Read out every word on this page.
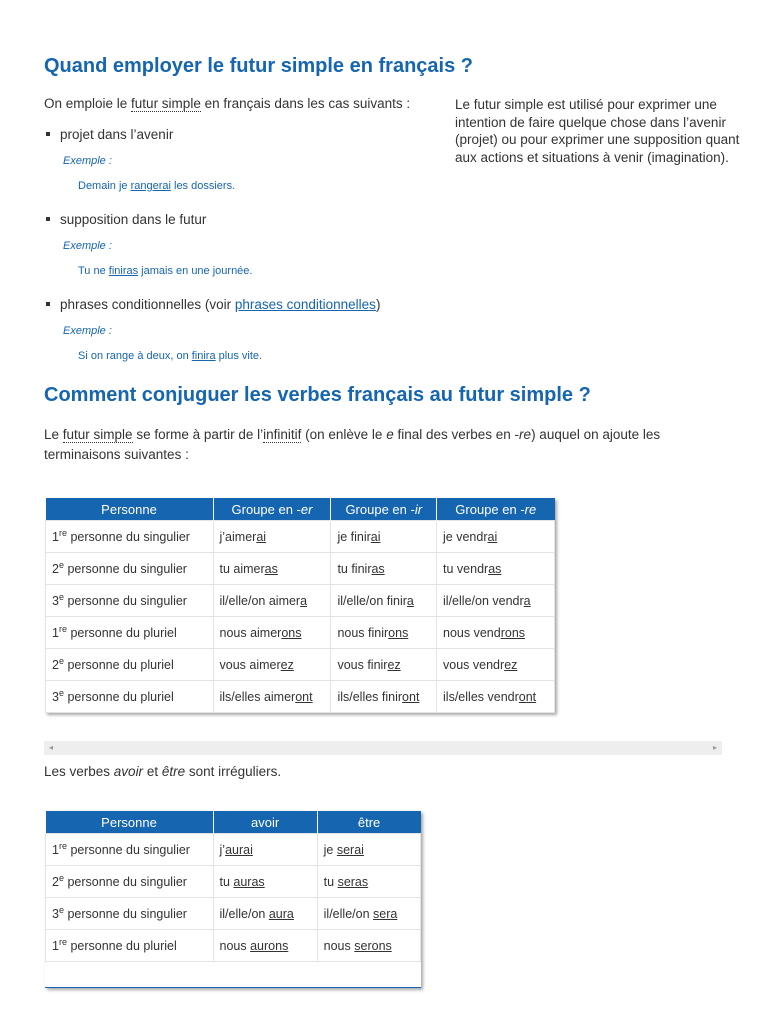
Quand employer le futur simple en français ?
On emploie le futur simple en français dans les cas suivants :	Le futur simple est utilisé pour exprimer une intention de faire quelque chose dans l’avenir (projet) ou pour exprimer une supposition quant aux actions et situations à venir (imagination).
projet dans l’avenir
Exemple :
Demain je rangerai les dossiers.
supposition dans le futur
Exemple :
Tu ne finiras jamais en une journée.
phrases conditionnelles (voir phrases conditionnelles)
Exemple :
Si on range à deux, on finira plus vite.
Comment conjuguer les verbes français au futur simple ?
Le futur simple se forme à partir de l’infinitif (on enlève le e final des verbes en -re) auquel on ajoute les terminaisons suivantes :
Personne	Groupe en -er	Groupe en -ir	Groupe en -re
1re personne du singulier	j’aimerai	je finirai	je vendrai
2e personne du singulier	tu aimeras	tu finiras	tu vendras
3e personne du singulier	il/elle/on aimera	il/elle/on finira	il/elle/on vendra
1re personne du pluriel	nous aimerons	nous finirons	nous vendrons
2e personne du pluriel	vous aimerez	vous finirez	vous vendrez
3e personne du pluriel	ils/elles aimeront	ils/elles finiront	ils/elles vendront
◂	▸
Les verbes avoir et être sont irréguliers.
Personne	avoir	être
1re personne du singulier	j’aurai	je serai
2e personne du singulier	tu auras	tu seras
3e personne du singulier	il/elle/on aura	il/elle/on sera
1re personne du pluriel	nous aurons	nous serons
